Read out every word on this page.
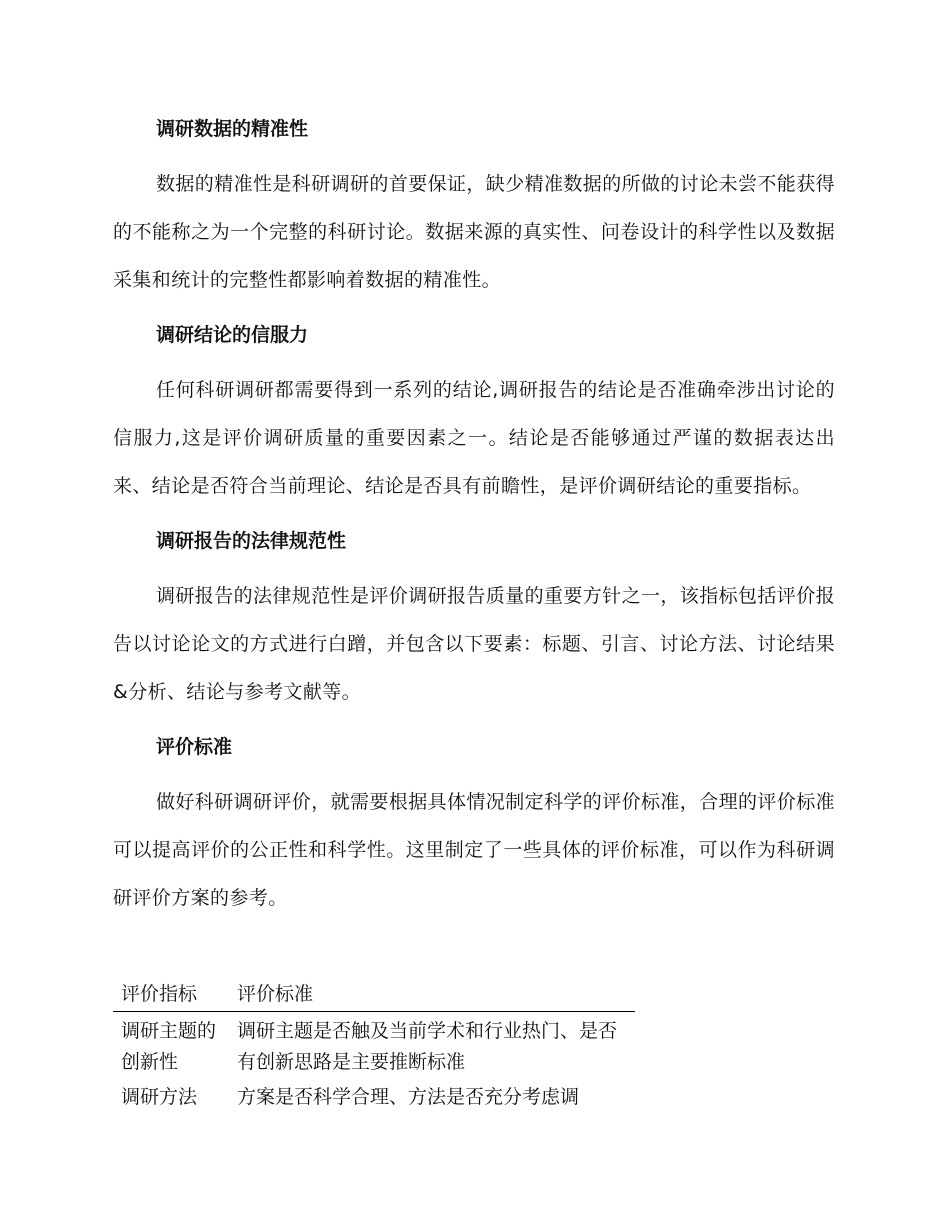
调研数据的精准性

数据的精准性是科研调研的首要保证，缺少精准数据的所做的讨论未尝不能获得的不能称之为一个完整的科研讨论。数据来源的真实性、问卷设计的科学性以及数据采集和统计的完整性都影响着数据的精准性。

调研结论的信服力

任何科研调研都需要得到一系列的结论,调研报告的结论是否准确牵涉出讨论的信服力,这是评价调研质量的重要因素之一。结论是否能够通过严谨的数据表达出来、结论是否符合当前理论、结论是否具有前瞻性，是评价调研结论的重要指标。

调研报告的法律规范性

调研报告的法律规范性是评价调研报告质量的重要方针之一，该指标包括评价报告以讨论论文的方式进行白蹭，并包含以下要素：标题、引言、讨论方法、讨论结果&分析、结论与参考文献等。

评价标准

做好科研调研评价，就需要根据具体情况制定科学的评价标准，合理的评价标准可以提高评价的公正性和科学性。这里制定了一些具体的评价标准，可以作为科研调研评价方案的参考。

评价指标	评价标准

调研主题的创新性	调研主题是否触及当前学术和行业热门、是否有创新思路是主要推断标准

调研方法	方案是否科学合理、方法是否充分考虑调
